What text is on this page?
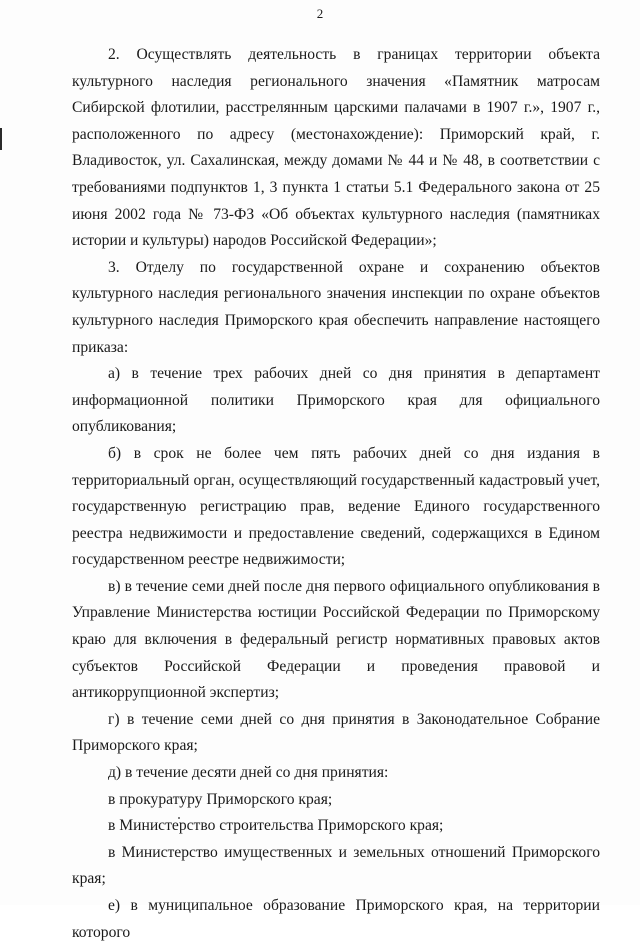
2

2. Осуществлять деятельность в границах территории объекта культурного наследия регионального значения «Памятник матросам Сибирской флотилии, расстрелянным царскими палачами в 1907 г.», 1907 г., расположенного по адресу (местонахождение): Приморский край, г. Владивосток, ул. Сахалинская, между домами № 44 и № 48, в соответствии с требованиями подпунктов 1, 3 пункта 1 статьи 5.1 Федерального закона от 25 июня 2002 года № 73-ФЗ «Об объектах культурного наследия (памятниках истории и культуры) народов Российской Федерации»;

3. Отделу по государственной охране и сохранению объектов культурного наследия регионального значения инспекции по охране объектов культурного наследия Приморского края обеспечить направление настоящего приказа:

а) в течение трех рабочих дней со дня принятия в департамент информационной политики Приморского края для официального опубликования;

б) в срок не более чем пять рабочих дней со дня издания в территориальный орган, осуществляющий государственный кадастровый учет, государственную регистрацию прав, ведение Единого государственного реестра недвижимости и предоставление сведений, содержащихся в Едином государственном реестре недвижимости;

в) в течение семи дней после дня первого официального опубликования в Управление Министерства юстиции Российской Федерации по Приморскому краю для включения в федеральный регистр нормативных правовых актов субъектов Российской Федерации и проведения правовой и антикоррупционной экспертиз;

г) в течение семи дней со дня принятия в Законодательное Собрание Приморского края;

д) в течение десяти дней со дня принятия:

в прокуратуру Приморского края;

в Министерство строительства Приморского края;

в Министерство имущественных и земельных отношений Приморского края;

е) в муниципальное образование Приморского края, на территории которого
